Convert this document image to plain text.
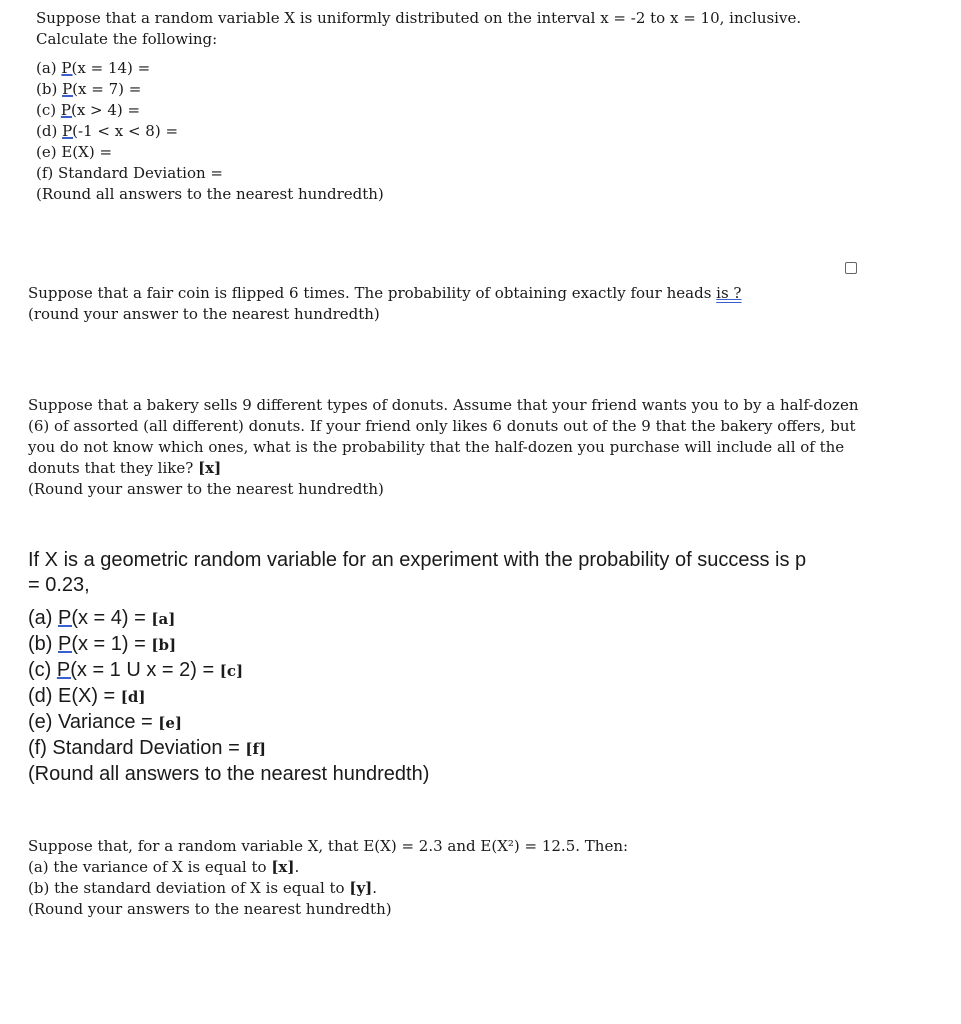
Suppose that a random variable X is uniformly distributed on the interval x = -2 to x = 10, inclusive.
Calculate the following:
(a) P(x = 14) =
(b) P(x = 7) =
(c) P(x > 4) =
(d) P(-1 < x < 8) =
(e) E(X) =
(f) Standard Deviation =
(Round all answers to the nearest hundredth)
Suppose that a fair coin is flipped 6 times. The probability of obtaining exactly four heads is ?
(round your answer to the nearest hundredth)
Suppose that a bakery sells 9 different types of donuts. Assume that your friend wants you to by a half-dozen
(6) of assorted (all different) donuts. If your friend only likes 6 donuts out of the 9 that the bakery offers, but
you do not know which ones, what is the probability that the half-dozen you purchase will include all of the
donuts that they like? [x]
(Round your answer to the nearest hundredth)
If X is a geometric random variable for an experiment with the probability of success is p
= 0.23,
(a) P(x = 4) = [a]
(b) P(x = 1) = [b]
(c) P(x = 1 U x = 2) = [c]
(d) E(X) = [d]
(e) Variance = [e]
(f) Standard Deviation = [f]
(Round all answers to the nearest hundredth)
Suppose that, for a random variable X, that E(X) = 2.3 and E(X²) = 12.5. Then:
(a) the variance of X is equal to [x].
(b) the standard deviation of X is equal to [y].
(Round your answers to the nearest hundredth)
